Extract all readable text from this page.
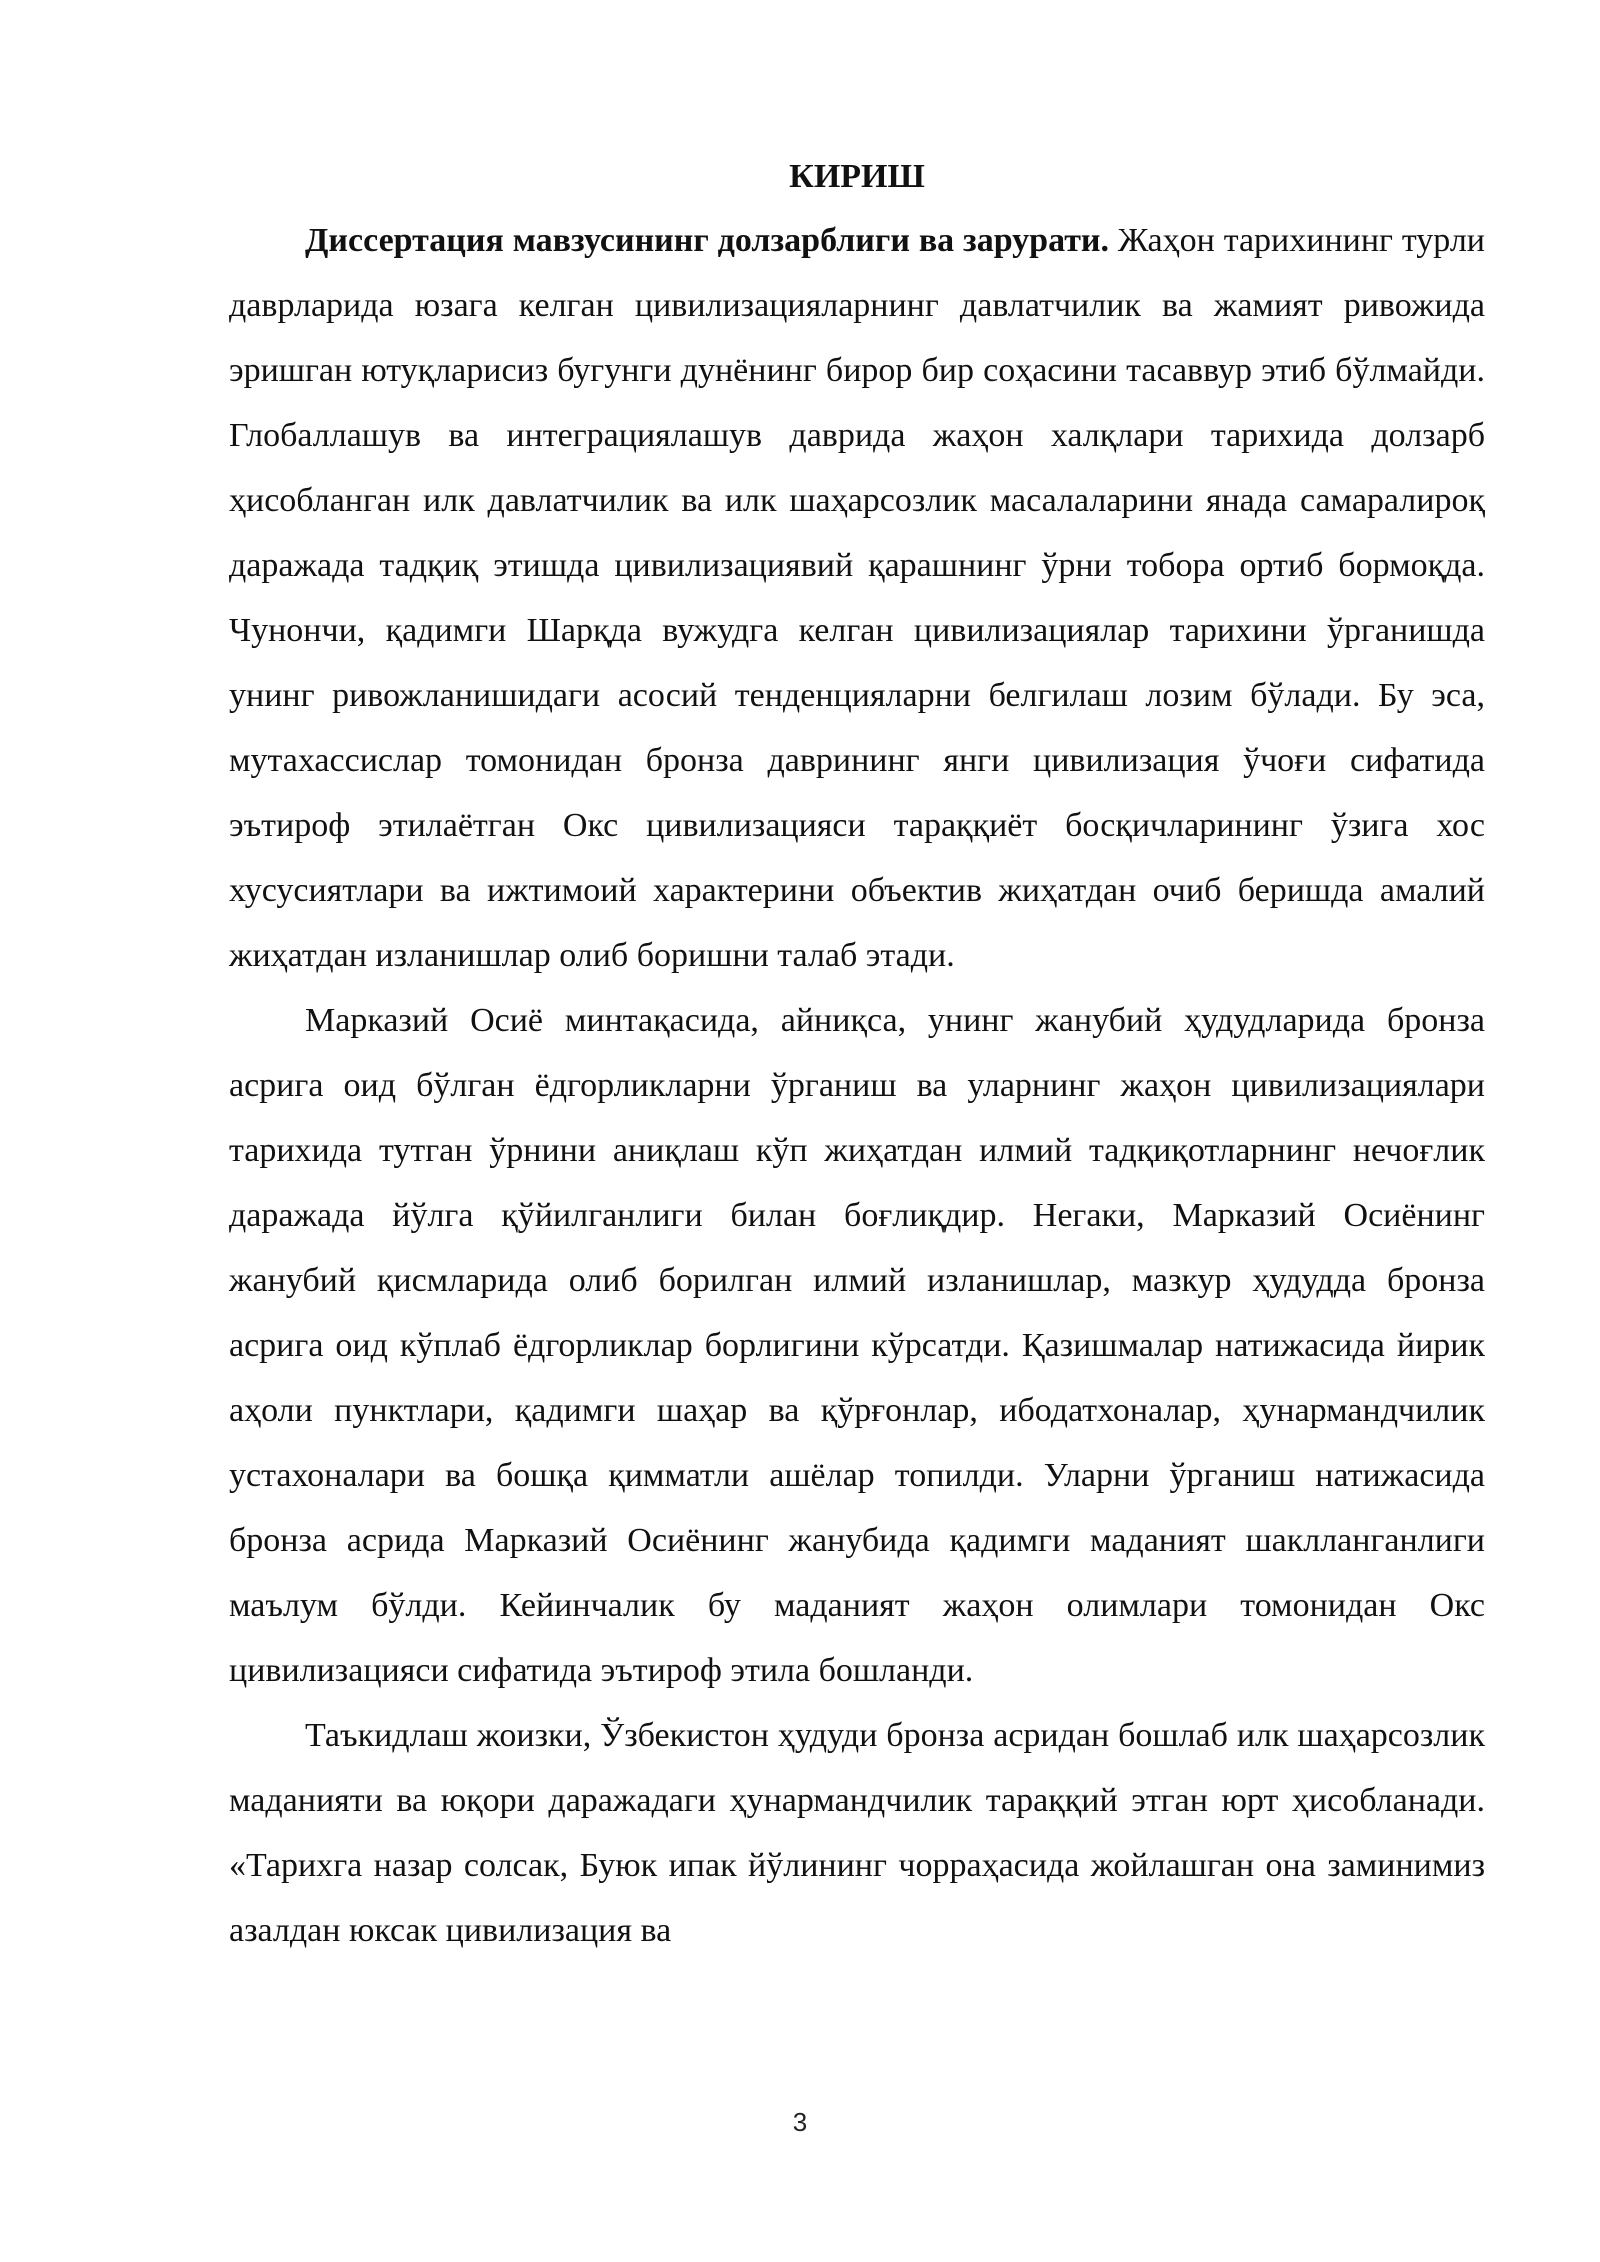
КИРИШ

Диссертация мавзусининг долзарблиги ва зарурати. Жаҳон тарихининг турли даврларида юзага келган цивилизацияларнинг давлатчилик ва жамият ривожида эришган ютуқларисиз бугунги дунёнинг бирор бир соҳасини тасаввур этиб бўлмайди. Глобаллашув ва интеграциялашув даврида жаҳон халқлари тарихида долзарб ҳисобланган илк давлатчилик ва илк шаҳарсозлик масалаларини янада самаралироқ даражада тадқиқ этишда цивилизациявий қарашнинг ўрни тобора ортиб бормоқда. Чунончи, қадимги Шарқда вужудга келган цивилизациялар тарихини ўрганишда унинг ривожланишидаги асосий тенденцияларни белгилаш лозим бўлади. Бу эса, мутахассислар томонидан бронза даврининг янги цивилизация ўчоғи сифатида эътироф этилаётган Окс цивилизацияси тараққиёт босқичларининг ўзига хос хусусиятлари ва ижтимоий характерини объектив жиҳатдан очиб беришда амалий жиҳатдан изланишлар олиб боришни талаб этади.

Марказий Осиё минтақасида, айниқса, унинг жанубий ҳудудларида бронза асрига оид бўлган ёдгорликларни ўрганиш ва уларнинг жаҳон цивилизациялари тарихида тутган ўрнини аниқлаш кўп жиҳатдан илмий тадқиқотларнинг нечоғлик даражада йўлга қўйилганлиги билан боғлиқдир. Негаки, Марказий Осиёнинг жанубий қисмларида олиб борилган илмий изланишлар, мазкур ҳудудда бронза асрига оид кўплаб ёдгорликлар борлигини кўрсатди. Қазишмалар натижасида йирик аҳоли пунктлари, қадимги шаҳар ва қўрғонлар, ибодатхоналар, ҳунармандчилик устахоналари ва бошқа қимматли ашёлар топилди. Уларни ўрганиш натижасида бронза асрида Марказий Осиёнинг жанубида қадимги маданият шаклланганлиги маълум бўлди. Кейинчалик бу маданият жаҳон олимлари томонидан Окс цивилизацияси сифатида эътироф этила бошланди.

Таъкидлаш жоизки, Ўзбекистон ҳудуди бронза асридан бошлаб илк шаҳарсозлик маданияти ва юқори даражадаги ҳунармандчилик тараққий этган юрт ҳисобланади. «Тарихга назар солсак, Буюк ипак йўлининг чорраҳасида жойлашган она заминимиз азалдан юксак цивилизация ва

3
